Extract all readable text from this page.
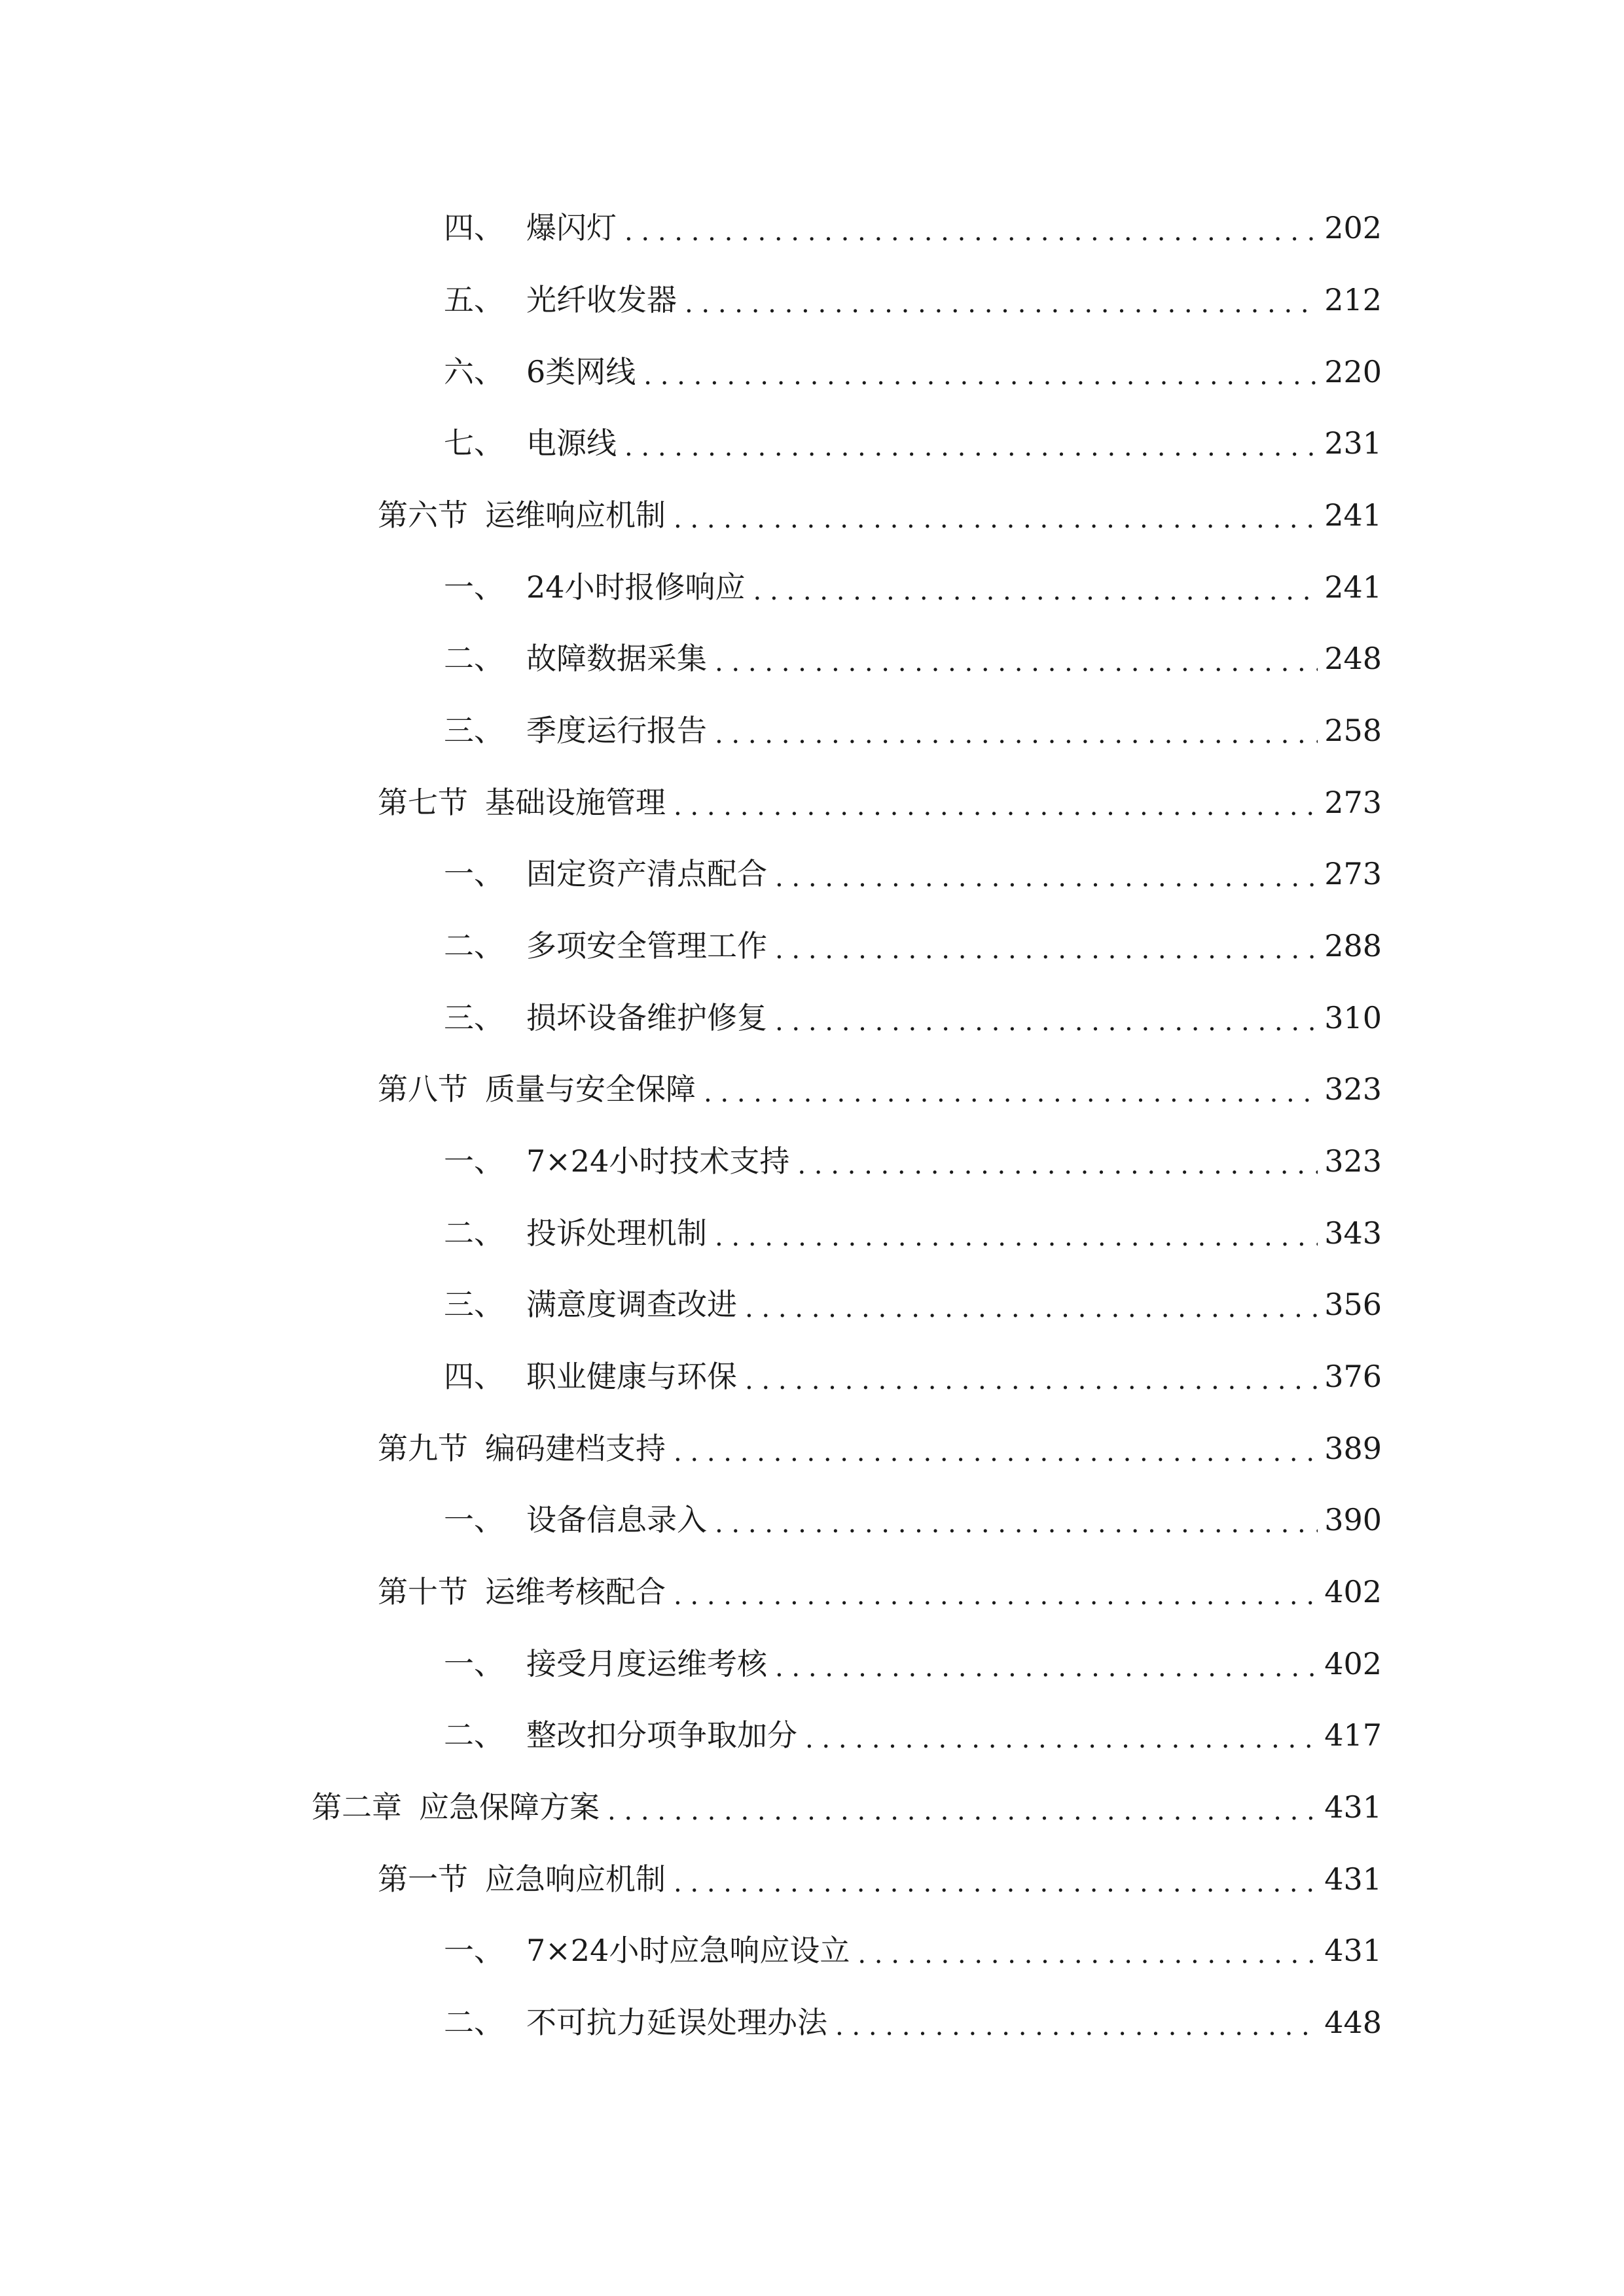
四、 爆闪灯 . . .	202
五、 光纤收发器 . . .	212
六、 6类网线 . . .	220
七、 电源线 . . .	231
第六节 运维响应机制 . . .	241
一、 24小时报修响应 . . .	241
二、 故障数据采集 . . .	248
三、 季度运行报告 . . .	258
第七节 基础设施管理 . . .	273
一、 固定资产清点配合 . . .	273
二、 多项安全管理工作 . . .	288
三、 损坏设备维护修复 . . .	310
第八节 质量与安全保障 . . .	323
一、 7×24小时技术支持 . . .	323
二、 投诉处理机制 . . .	343
三、 满意度调查改进 . . .	356
四、 职业健康与环保 . . .	376
第九节 编码建档支持 . . .	389
一、 设备信息录入 . . .	390
第十节 运维考核配合 . . .	402
一、 接受月度运维考核 . . .	402
二、 整改扣分项争取加分 . . .	417
第二章 应急保障方案 . . .	431
第一节 应急响应机制 . . .	431
一、 7×24小时应急响应设立 . . .	431
二、 不可抗力延误处理办法 . . .	448
